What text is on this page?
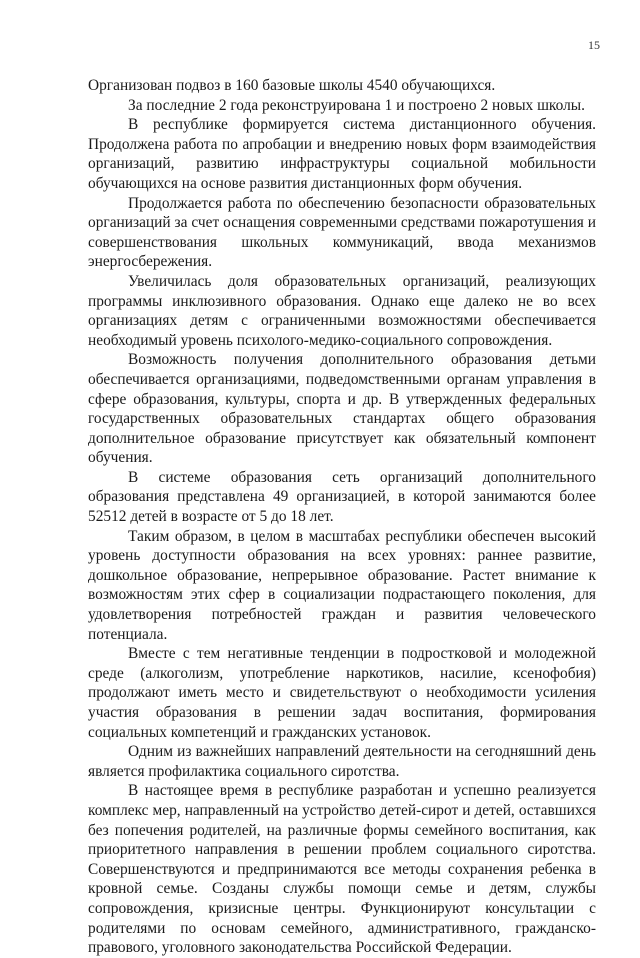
15

Организован подвоз в 160 базовые школы 4540 обучающихся.

За последние 2 года реконструирована 1 и построено 2 новых школы.

В республике формируется система дистанционного обучения. Продолжена работа по апробации и внедрению новых форм взаимодействия организаций, развитию инфраструктуры социальной мобильности обучающихся на основе развития дистанционных форм обучения.

Продолжается работа по обеспечению безопасности образовательных организаций за счет оснащения современными средствами пожаротушения и совершенствования школьных коммуникаций, ввода механизмов энергосбережения.

Увеличилась доля образовательных организаций, реализующих программы инклюзивного образования. Однако еще далеко не во всех организациях детям с ограниченными возможностями обеспечивается необходимый уровень психолого-медико-социального сопровождения.

Возможность получения дополнительного образования детьми обеспечивается организациями, подведомственными органам управления в сфере образования, культуры, спорта и др. В утвержденных федеральных государственных образовательных стандартах общего образования дополнительное образование присутствует как обязательный компонент обучения.

В системе образования сеть организаций дополнительного образования представлена 49 организацией, в которой занимаются более 52512 детей в возрасте от 5 до 18 лет.

Таким образом, в целом в масштабах республики обеспечен высокий уровень доступности образования на всех уровнях: раннее развитие, дошкольное образование, непрерывное образование. Растет внимание к возможностям этих сфер в социализации подрастающего поколения, для удовлетворения потребностей граждан и развития человеческого потенциала.

Вместе с тем негативные тенденции в подростковой и молодежной среде (алкоголизм, употребление наркотиков, насилие, ксенофобия) продолжают иметь место и свидетельствуют о необходимости усиления участия образования в решении задач воспитания, формирования социальных компетенций и гражданских установок.

Одним из важнейших направлений деятельности на сегодняшний день является профилактика социального сиротства.

В настоящее время в республике разработан и успешно реализуется комплекс мер, направленный на устройство детей-сирот и детей, оставшихся без попечения родителей, на различные формы семейного воспитания, как приоритетного направления в решении проблем социального сиротства. Совершенствуются и предпринимаются все методы сохранения ребенка в кровной семье. Созданы службы помощи семье и детям, службы сопровождения, кризисные центры. Функционируют консультации с родителями по основам семейного, административного, гражданско-правового, уголовного законодательства Российской Федерации.
